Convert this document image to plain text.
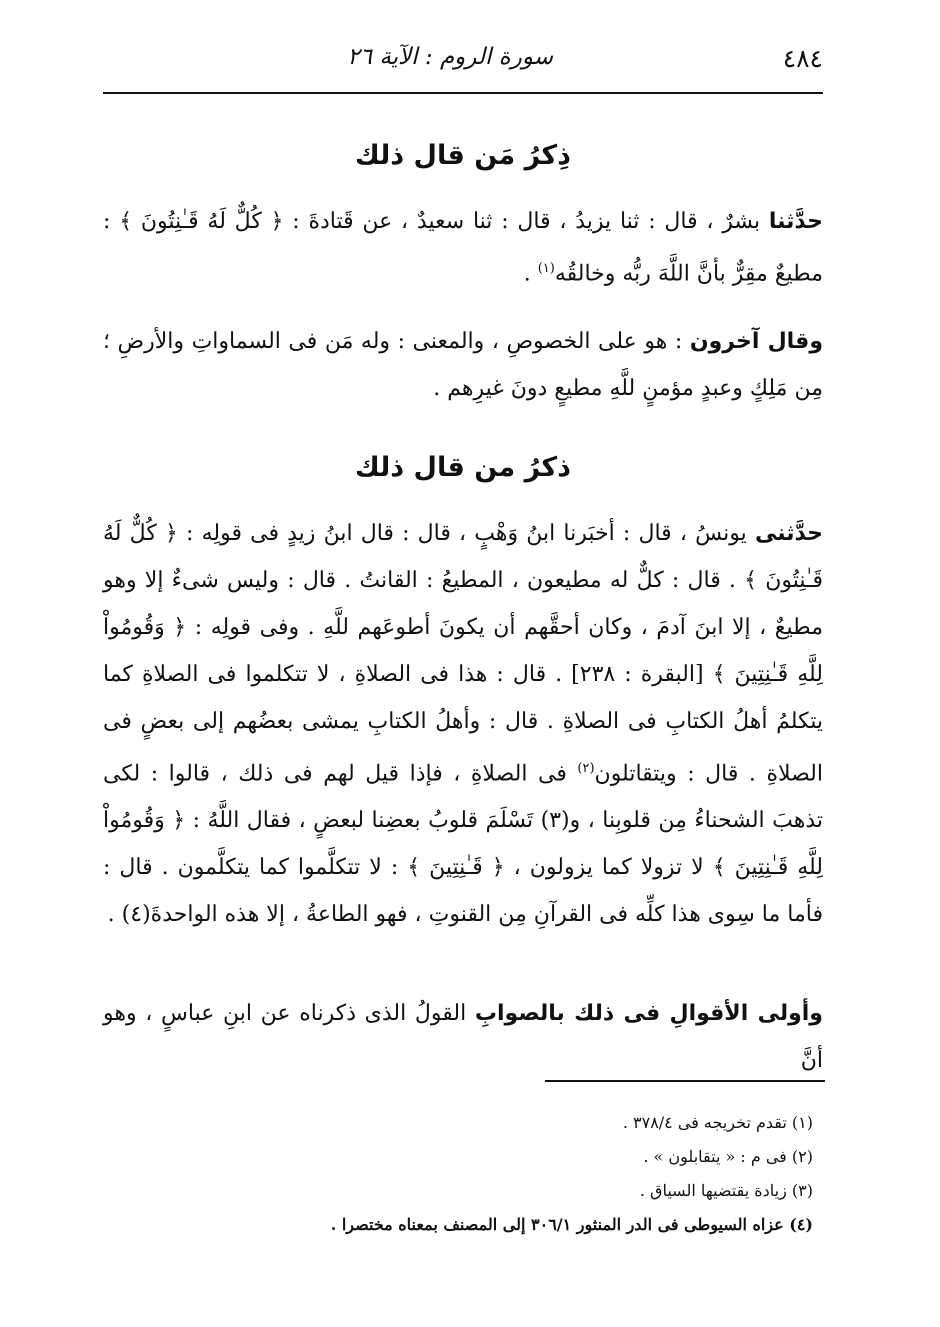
٤٨٤
سورة الروم : الآية ٢٦
ذِكرُ مَن قال ذلك
حدَّثنا بشرٌ ، قال : ثنا يزيدُ ، قال : ثنا سعيدٌ ، عن قَتادةَ : ﴿ كُلٌّ لَهُ قَـٰنِتُونَ ﴾ : مطيعٌ مقِرٌّ بأنَّ اللَّهَ ربُّه وخالقُه$^{(١)}$ .
وقال آخرون : هو على الخصوصِ ، والمعنى : وله مَن فى السماواتِ والأرضِ ؛ مِن مَلِكٍ وعبدٍ مؤمنٍ للَّهِ مطيعٍ دونَ غيرِهم .
ذكرُ من قال ذلك
حدَّثنى يونسُ ، قال : أخبَرنا ابنُ وَهْبٍ ، قال : قال ابنُ زيدٍ فى قولِه : ﴿ كُلٌّ لَهُ قَـٰنِتُونَ ﴾ . قال : كلٌّ له مطيعون ، المطيعُ : القانتُ . قال : وليس شىءٌ إلا وهو مطيعٌ ، إلا ابنَ آدمَ ، وكان أحقَّهم أن يكونَ أطوعَهم للَّهِ . وفى قولِه : ﴿ وَقُومُواْ لِلَّهِ قَـٰنِتِينَ ﴾ [البقرة : ٢٣٨] . قال : هذا فى الصلاةِ ، لا تتكلموا فى الصلاةِ كما يتكلمُ أهلُ الكتابِ فى الصلاةِ . قال : وأهلُ الكتابِ يمشى بعضُهم إلى بعضٍ فى الصلاةِ . قال : ويتقاتلون$^{(٢)}$ فى الصلاةِ ، فإذا قيل لهم فى ذلك ، قالوا : لكى تذهبَ الشحناءُ مِن قلوبِنا ، و(٣) تَسْلَمَ قلوبُ بعضِنا لبعضٍ ، فقال اللَّهُ : ﴿ وَقُومُواْ لِلَّهِ قَـٰنِتِينَ ﴾ لا تزولا كما يزولون ، ﴿ قَـٰنِتِينَ ﴾ : لا تتكلَّموا كما يتكلَّمون . قال : فأما ما سِوى هذا كلِّه فى القرآنِ مِن القنوتِ ، فهو الطاعةُ ، إلا هذه الواحدةَ(٤) .
وأولى الأقوالِ فى ذلك بالصوابِ القولُ الذى ذكرناه عن ابنِ عباسٍ ، وهو أنَّ
(١) تقدم تخريجه فى ٣٧٨/٤ .
(٢) فى م : « يتقابلون » .
(٣) زيادة يقتضيها السياق .
(٤) عزاه السيوطى فى الدر المنثور ٣٠٦/١ إلى المصنف بمعناه مختصرا .
